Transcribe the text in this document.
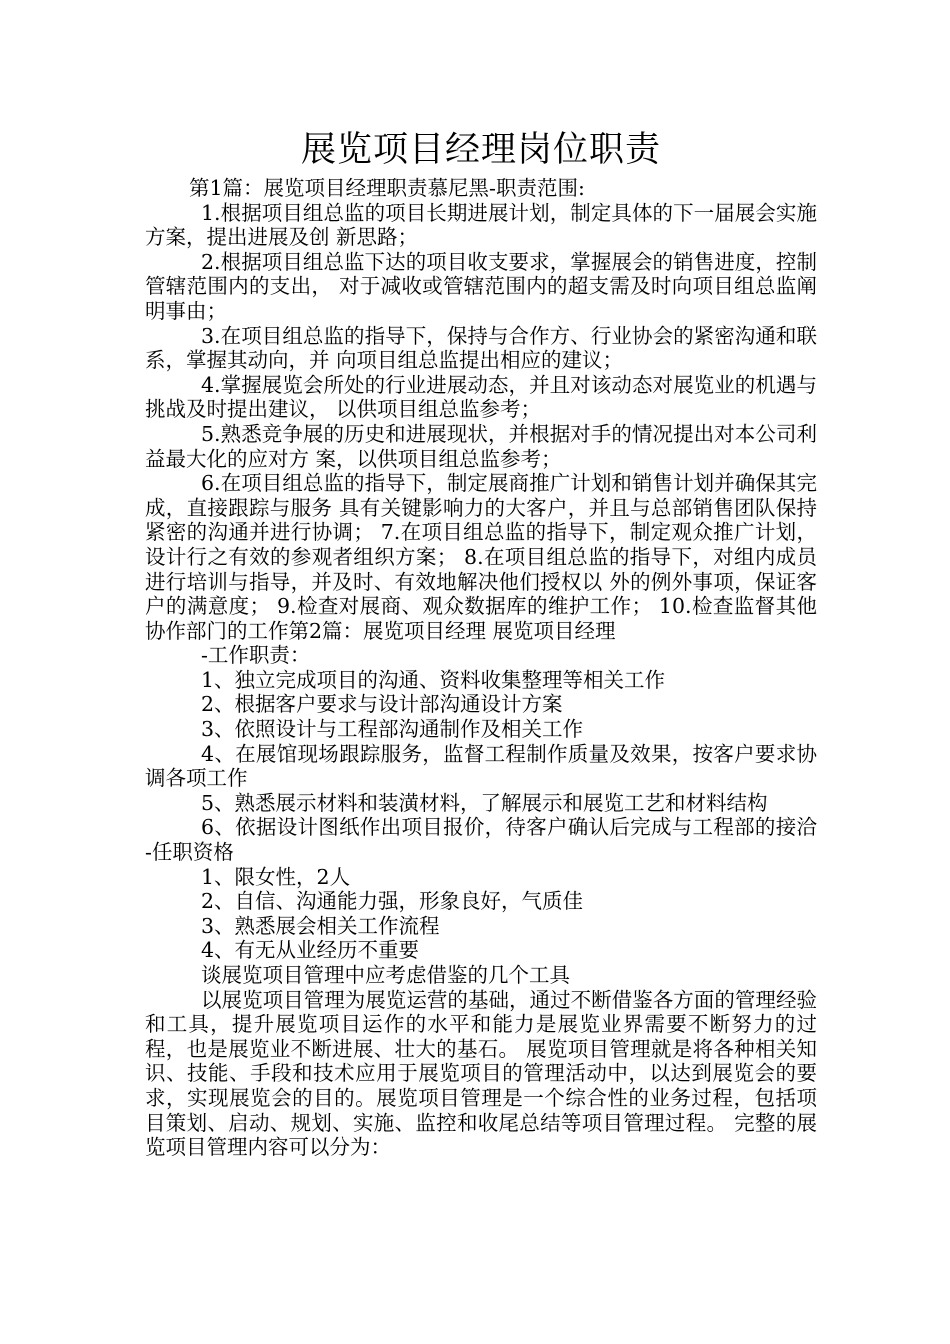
展览项目经理岗位职责

第1篇：展览项目经理职责慕尼黑-职责范围:

1.根据项目组总监的项目长期进展计划，制定具体的下一届展会实施方案，提出进展及创 新思路；

2.根据项目组总监下达的项目收支要求，掌握展会的销售进度，控制管辖范围内的支出， 对于减收或管辖范围内的超支需及时向项目组总监阐明事由；

3.在项目组总监的指导下，保持与合作方、行业协会的紧密沟通和联系，掌握其动向，并 向项目组总监提出相应的建议；

4.掌握展览会所处的行业进展动态，并且对该动态对展览业的机遇与挑战及时提出建议， 以供项目组总监参考；

5.熟悉竞争展的历史和进展现状，并根据对手的情况提出对本公司利益最大化的应对方 案，以供项目组总监参考；

6.在项目组总监的指导下，制定展商推广计划和销售计划并确保其完成，直接跟踪与服务 具有关键影响力的大客户，并且与总部销售团队保持紧密的沟通并进行协调； 7.在项目组总监的指导下，制定观众推广计划，设计行之有效的参观者组织方案； 8.在项目组总监的指导下，对组内成员进行培训与指导，并及时、有效地解决他们授权以 外的例外事项，保证客户的满意度； 9.检查对展商、观众数据库的维护工作； 10.检查监督其他协作部门的工作第2篇：展览项目经理 展览项目经理

-工作职责：

1、独立完成项目的沟通、资料收集整理等相关工作

2、根据客户要求与设计部沟通设计方案

3、依照设计与工程部沟通制作及相关工作

4、在展馆现场跟踪服务，监督工程制作质量及效果，按客户要求协调各项工作

5、熟悉展示材料和装潢材料，了解展示和展览工艺和材料结构

6、依据设计图纸作出项目报价，待客户确认后完成与工程部的接洽 -任职资格

1、限女性，2人

2、自信、沟通能力强，形象良好，气质佳

3、熟悉展会相关工作流程

4、有无从业经历不重要

谈展览项目管理中应考虑借鉴的几个工具

以展览项目管理为展览运营的基础，通过不断借鉴各方面的管理经验和工具，提升展览项目运作的水平和能力是展览业界需要不断努力的过程，也是展览业不断进展、壮大的基石。 展览项目管理就是将各种相关知识、技能、手段和技术应用于展览项目的管理活动中，以达到展览会的要求，实现展览会的目的。展览项目管理是一个综合性的业务过程，包括项目策划、启动、规划、实施、监控和收尾总结等项目管理过程。 完整的展览项目管理内容可以分为：
